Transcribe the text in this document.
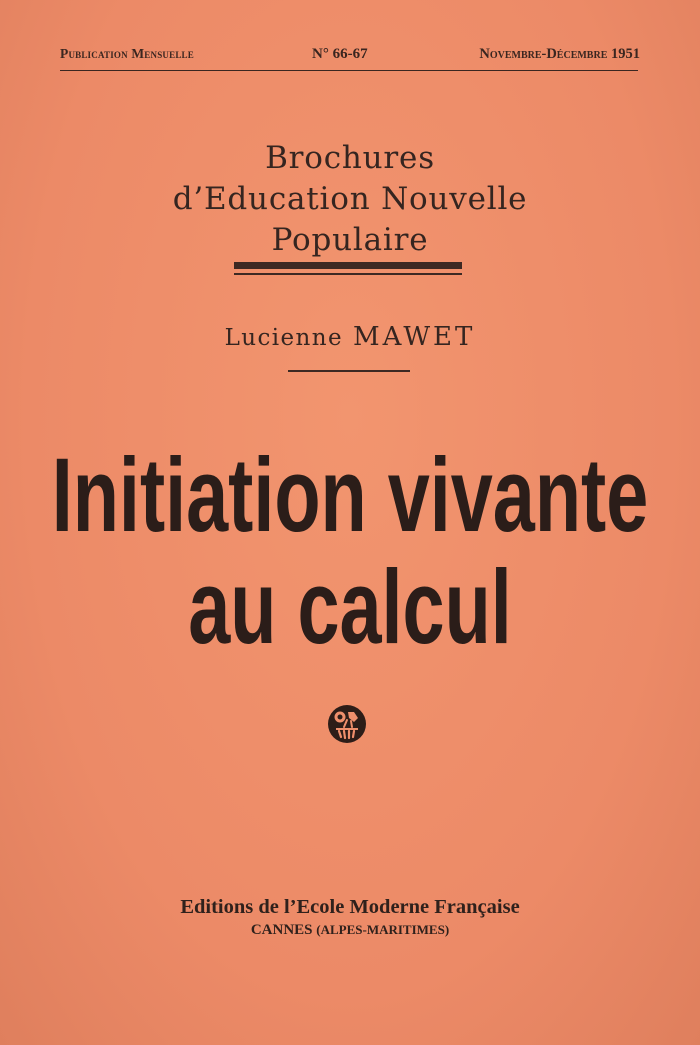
Publication Mensuelle	N° 66-67	Novembre-Décembre 1951
Brochures
d’Education Nouvelle
Populaire
Lucienne MAWET
Initiation vivante
au calcul
Editions de l’Ecole Moderne Française
CANNES (ALPES-MARITIMES)
